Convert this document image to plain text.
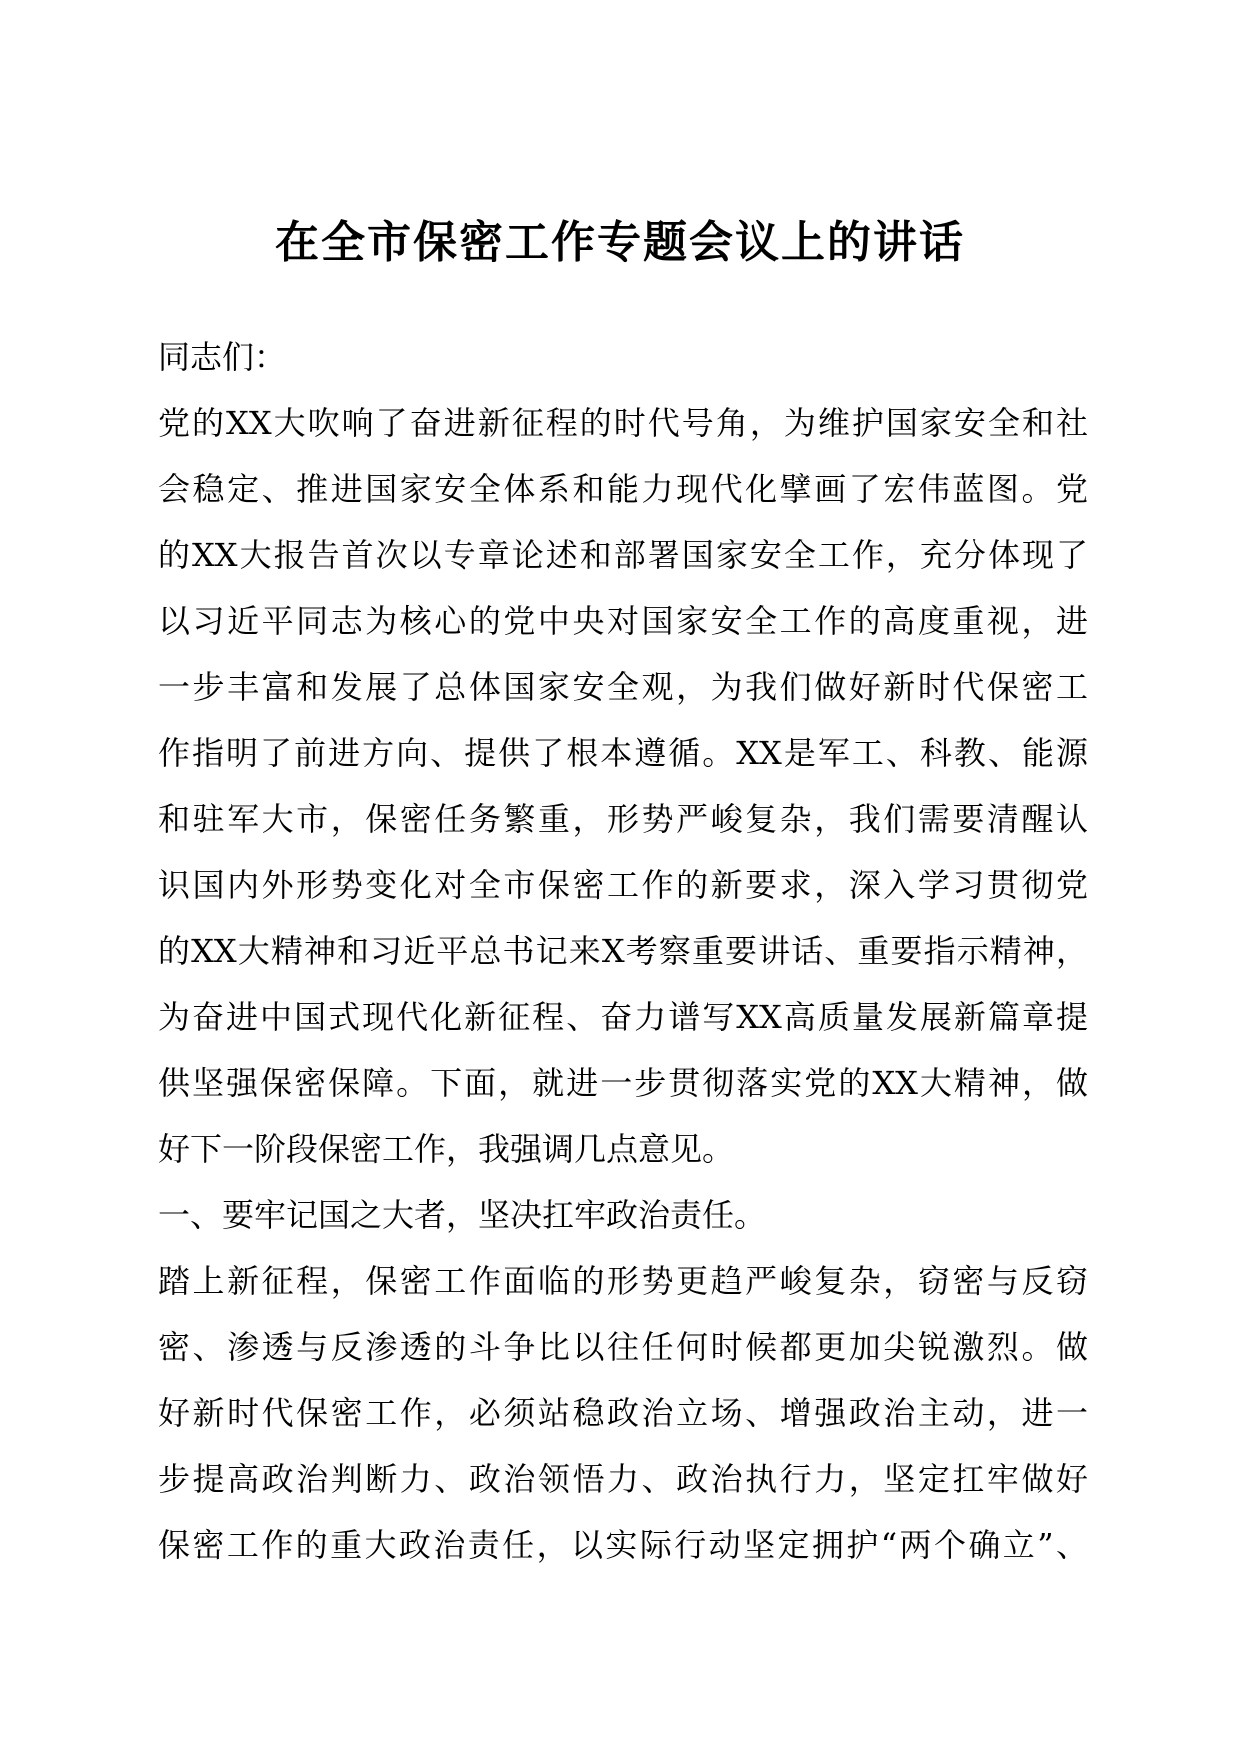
在全市保密工作专题会议上的讲话
同志们：
党的XX大吹响了奋进新征程的时代号角，为维护国家安全和社
会稳定、推进国家安全体系和能力现代化擘画了宏伟蓝图。党
的XX大报告首次以专章论述和部署国家安全工作，充分体现了
以习近平同志为核心的党中央对国家安全工作的高度重视，进
一步丰富和发展了总体国家安全观，为我们做好新时代保密工
作指明了前进方向、提供了根本遵循。XX是军工、科教、能源
和驻军大市，保密任务繁重，形势严峻复杂，我们需要清醒认
识国内外形势变化对全市保密工作的新要求，深入学习贯彻党
的XX大精神和习近平总书记来X考察重要讲话、重要指示精神，
为奋进中国式现代化新征程、奋力谱写XX高质量发展新篇章提
供坚强保密保障。下面，就进一步贯彻落实党的XX大精神，做
好下一阶段保密工作，我强调几点意见。
一、要牢记国之大者，坚决扛牢政治责任。
踏上新征程，保密工作面临的形势更趋严峻复杂，窃密与反窃
密、渗透与反渗透的斗争比以往任何时候都更加尖锐激烈。做
好新时代保密工作，必须站稳政治立场、增强政治主动，进一
步提高政治判断力、政治领悟力、政治执行力，坚定扛牢做好
保密工作的重大政治责任，以实际行动坚定拥护“两个确立”、
